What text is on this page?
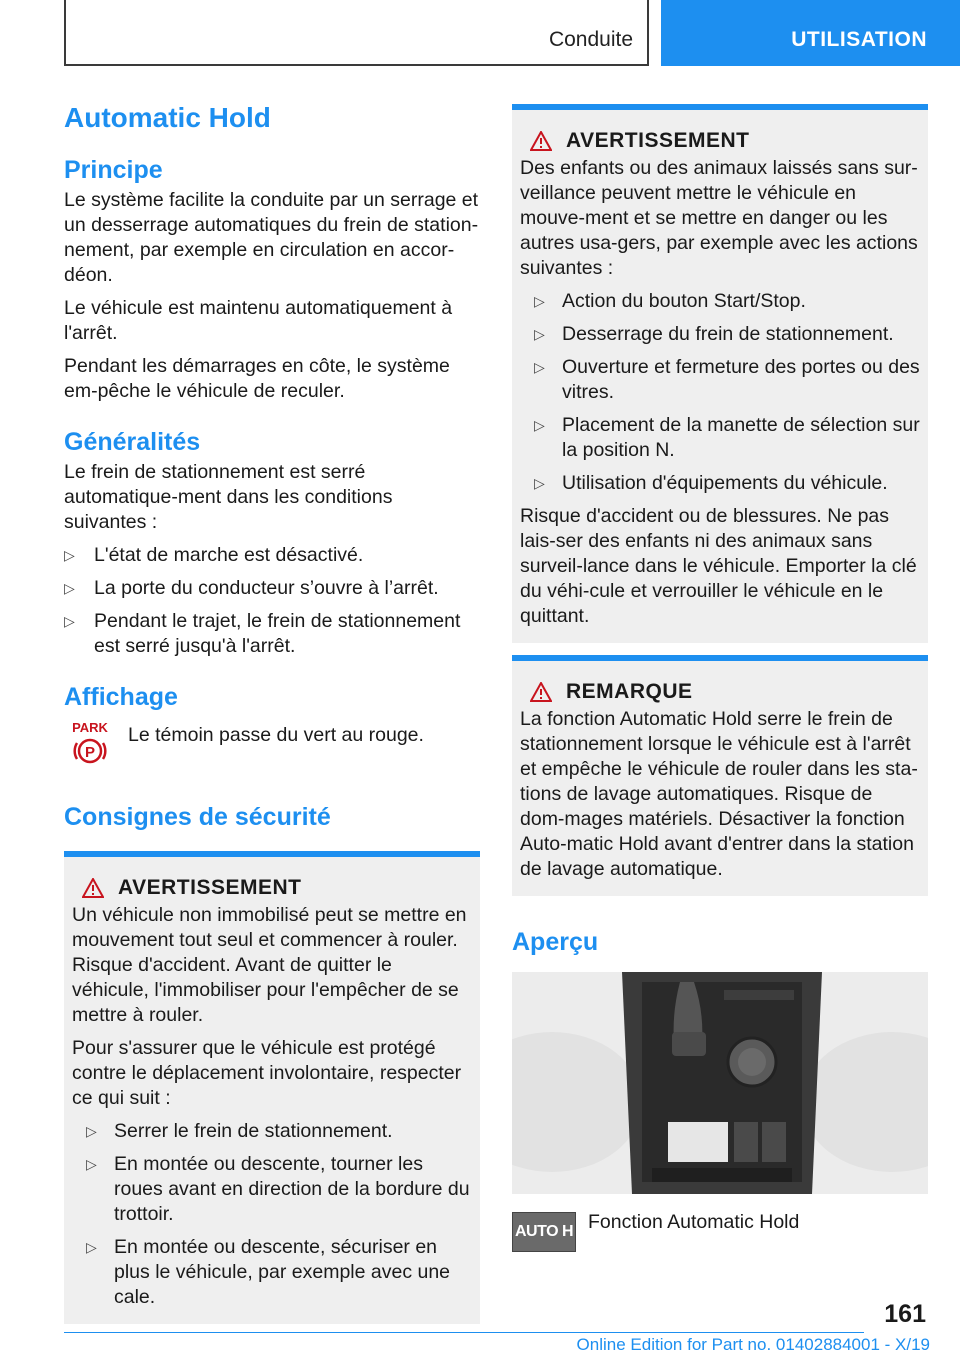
Conduite	UTILISATION
Automatic Hold
Principe

Le système facilite la conduite par un serrage et un desserrage automatiques du frein de station-nement, par exemple en circulation en accor-déon.

Le véhicule est maintenu automatiquement à l'arrêt.

Pendant les démarrages en côte, le système em-pêche le véhicule de reculer.

Généralités

Le frein de stationnement est serré automatique-ment dans les conditions suivantes :

▷ L'état de marche est désactivé.
▷ La porte du conducteur s’ouvre à l’arrêt.
▷ Pendant le trajet, le frein de stationnement est serré jusqu'à l'arrêt.
Affichage
PARK
P

Le témoin passe du vert au rouge.

Consignes de sécurité
AVERTISSEMENT

Un véhicule non immobilisé peut se mettre en mouvement tout seul et commencer à rouler. Risque d'accident. Avant de quitter le véhicule, l'immobiliser pour l'empêcher de se mettre à rouler.

Pour s'assurer que le véhicule est protégé contre le déplacement involontaire, respecter ce qui suit :

▷ Serrer le frein de stationnement.
▷ En montée ou descente, tourner les roues avant en direction de la bordure du trottoir.
▷ En montée ou descente, sécuriser en plus le véhicule, par exemple avec une cale.
AVERTISSEMENT

Des enfants ou des animaux laissés sans sur-veillance peuvent mettre le véhicule en mouve-ment et se mettre en danger ou les autres usa-gers, par exemple avec les actions suivantes :

▷ Action du bouton Start/Stop.
▷ Desserrage du frein de stationnement.
▷ Ouverture et fermeture des portes ou des vitres.
▷ Placement de la manette de sélection sur la position N.
▷ Utilisation d'équipements du véhicule.

Risque d'accident ou de blessures. Ne pas lais-ser des enfants ni des animaux sans surveil-lance dans le véhicule. Emporter la clé du véhi-cule et verrouiller le véhicule en le quittant.

REMARQUE

La fonction Automatic Hold serre le frein de stationnement lorsque le véhicule est à l'arrêt et empêche le véhicule de rouler dans les sta-tions de lavage automatiques. Risque de dom-mages matériels. Désactiver la fonction Auto-matic Hold avant d'entrer dans la station de lavage automatique.

Aperçu
AUTO H Fonction Automatic Hold

161
Online Edition for Part no. 01402884001 - X/19
